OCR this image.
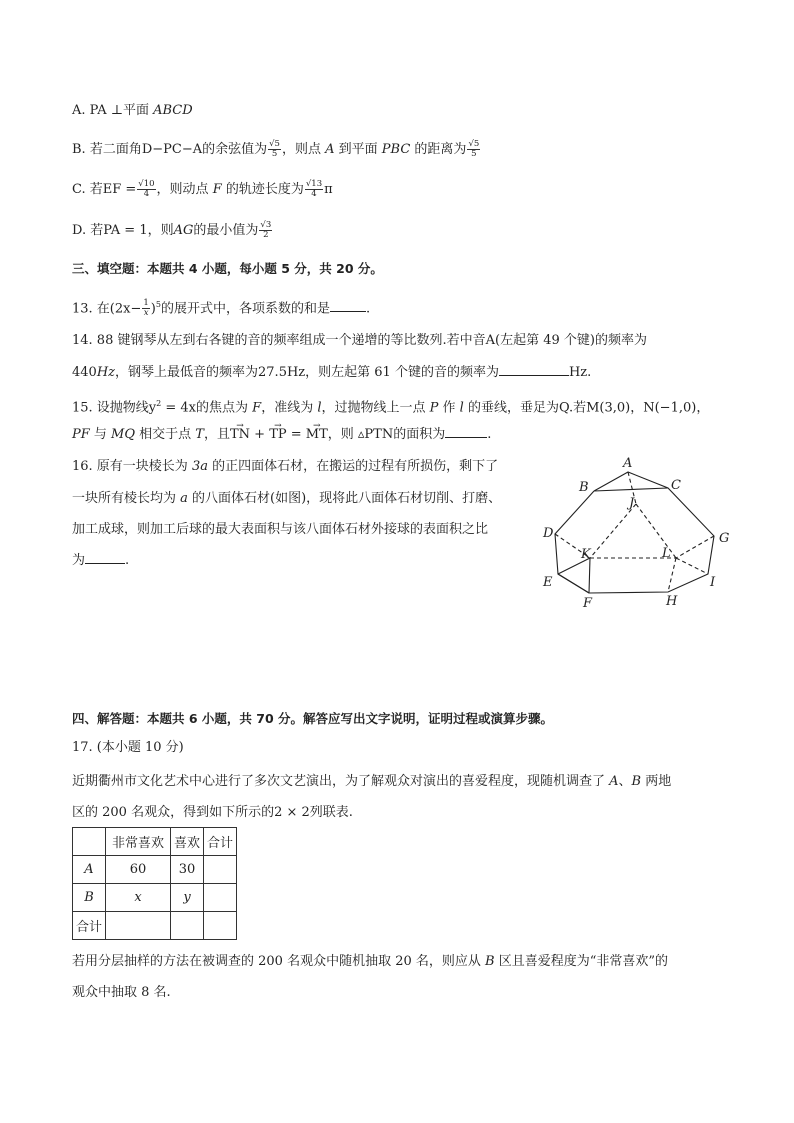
A. PA ⊥平面 ABCD
B. 若二面角D−PC−A的余弦值为 $\frac{√5}{5}$ ，则点 A 到平面 PBC 的距离为 $\frac{√5}{5}$
C. 若EF = $\frac{√10}{4}$ ，则动点 F 的轨迹长度为 $\frac{√13}{4}$ π
D. 若PA = 1，则AG的最小值为 $\frac{√3}{2}$
三、填空题：本题共 4 小题，每小题 5 分，共 20 分。
13. 在$(2x- \frac{1}{x} )^5$的展开式中，各项系数的和是	.
14. 88 键钢琴从左到右各键的音的频率组成一个递增的等比数列.若中音A(左起第 49 个键)的频率为
440Hz，钢琴上最低音的频率为27.5Hz，则左起第 61 个键的音的频率为	Hz.
15. 设抛物线$y^2 = 4x$的焦点为 F，准线为 l，过抛物线上一点 P 作 l 的垂线，垂足为Q.若M(3,0)，N(−1,0)，
PF 与 MQ 相交于点 T，且→ TN + → TP = → MT，则 ▵PTN的面积为	.
16. 原有一块棱长为 3a 的正四面体石材，在搬运的过程有所损伤，剩下了
一块所有棱长均为 a 的八面体石材(如图)，现将此八面体石材切削、打磨、
加工成球，则加工后球的最大表面积与该八面体石材外接球的表面积之比
为	.
A
B	C
J
D	G
K	L
E	I
F	H
四、解答题：本题共 6 小题，共 70 分。解答应写出文字说明，证明过程或演算步骤。
17. (本小题 10 分)
近期衢州市文化艺术中心进行了多次文艺演出，为了解观众对演出的喜爱程度，现随机调查了 A、B 两地
区的 200 名观众，得到如下所示的2 × 2列联表.
	非常喜欢	喜欢	合计
A	60	30	
B	x	y	
合计			
若用分层抽样的方法在被调查的 200 名观众中随机抽取 20 名，则应从 B 区且喜爱程度为“非常喜欢”的
观众中抽取 8 名.
